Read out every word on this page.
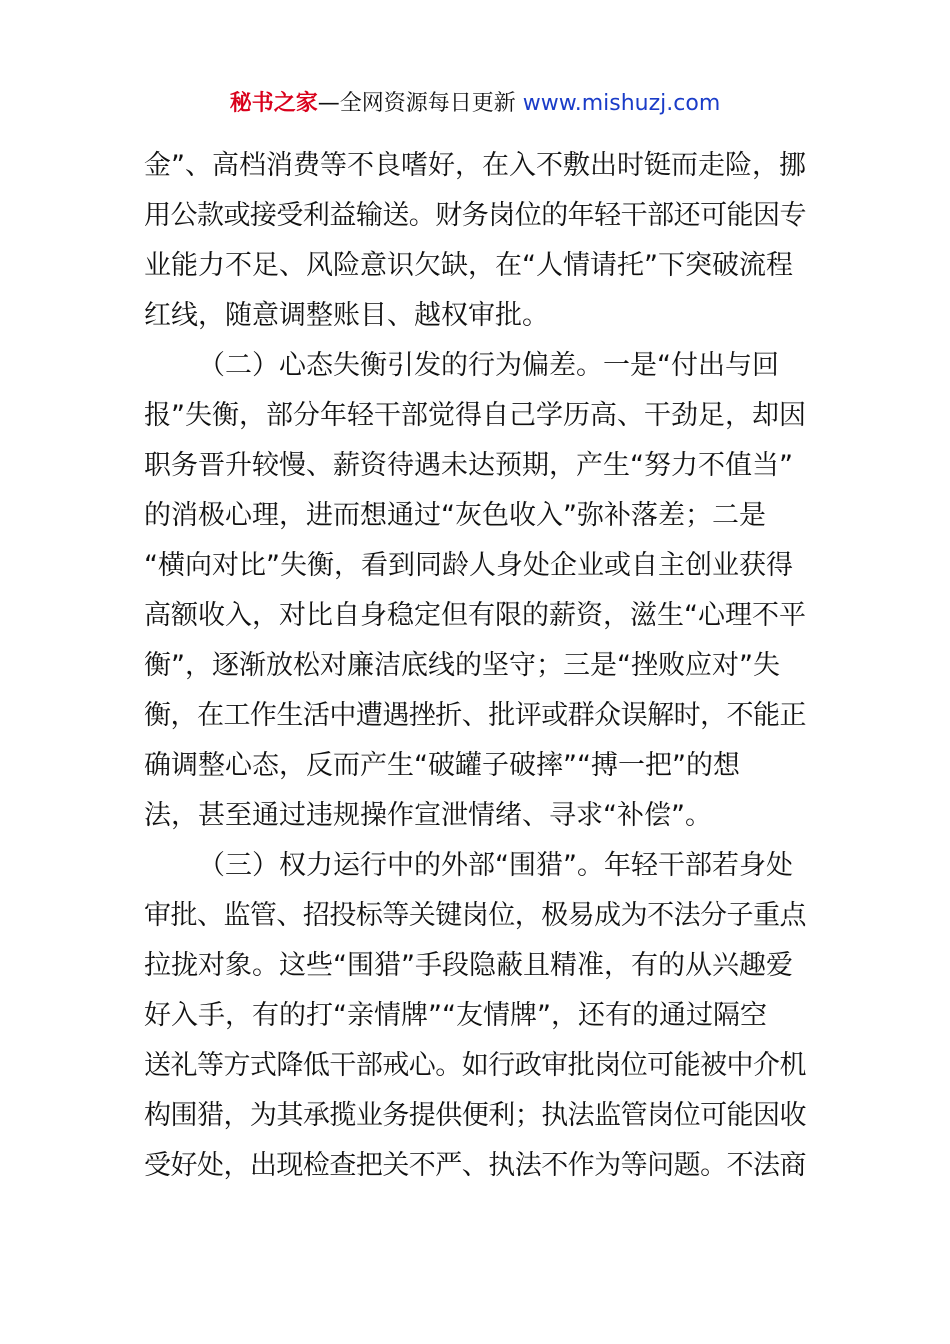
秘书之家—全网资源每日更新 www.mishuzj.com
金”、高档消费等不良嗜好，在入不敷出时铤而走险，挪
用公款或接受利益输送。财务岗位的年轻干部还可能因专
业能力不足、风险意识欠缺，在“人情请托”下突破流程
红线，随意调整账目、越权审批。
（二）心态失衡引发的行为偏差。一是“付出与回
报”失衡，部分年轻干部觉得自己学历高、干劲足，却因
职务晋升较慢、薪资待遇未达预期，产生“努力不值当”
的消极心理，进而想通过“灰色收入”弥补落差；二是
“横向对比”失衡，看到同龄人身处企业或自主创业获得
高额收入，对比自身稳定但有限的薪资，滋生“心理不平
衡”，逐渐放松对廉洁底线的坚守；三是“挫败应对”失
衡，在工作生活中遭遇挫折、批评或群众误解时，不能正
确调整心态，反而产生“破罐子破摔”“搏一把”的想
法，甚至通过违规操作宣泄情绪、寻求“补偿”。
（三）权力运行中的外部“围猎”。年轻干部若身处
审批、监管、招投标等关键岗位，极易成为不法分子重点
拉拢对象。这些“围猎”手段隐蔽且精准，有的从兴趣爱
好入手，有的打“亲情牌”“友情牌”，还有的通过隔空
送礼等方式降低干部戒心。如行政审批岗位可能被中介机
构围猎，为其承揽业务提供便利；执法监管岗位可能因收
受好处，出现检查把关不严、执法不作为等问题。不法商
